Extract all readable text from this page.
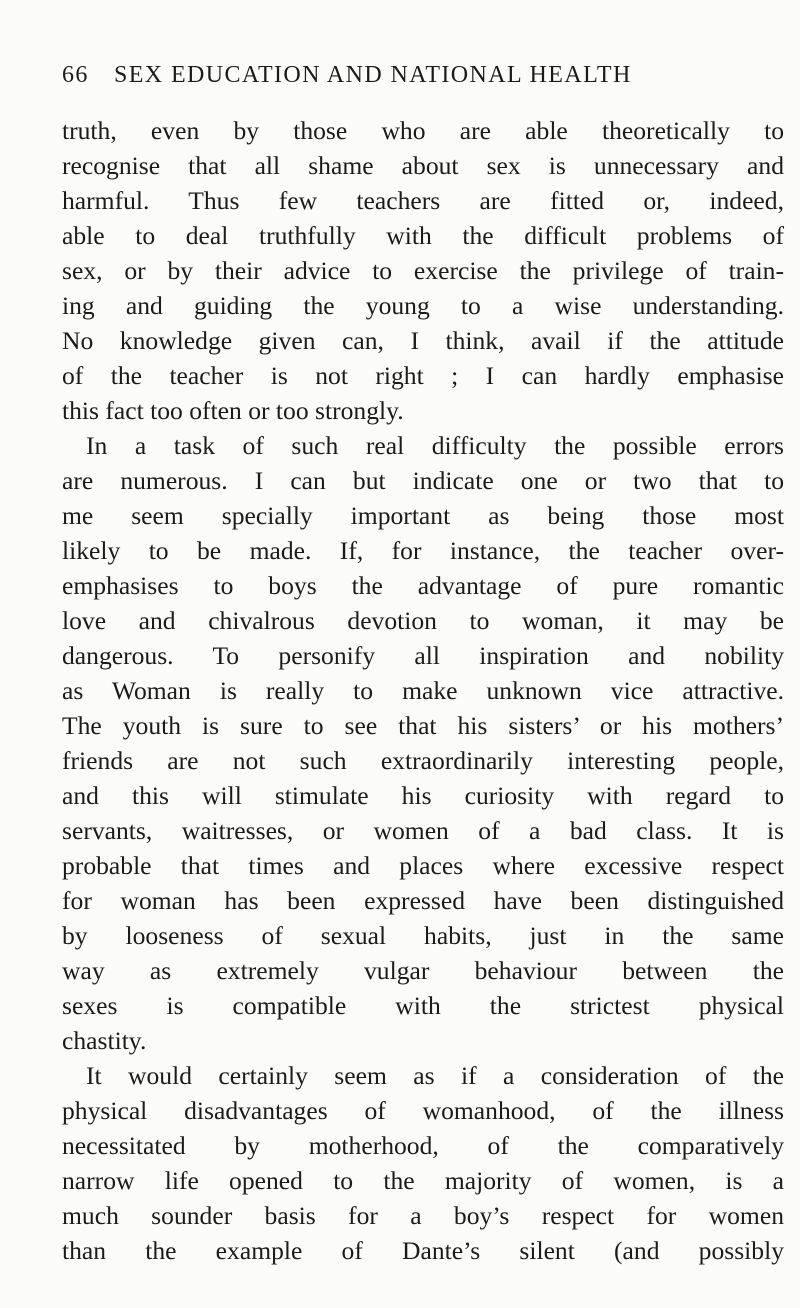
66 SEX EDUCATION AND NATIONAL HEALTH
truth, even by those who are able theoretically to
recognise that all shame about sex is unnecessary and
harmful. Thus few teachers are fitted or, indeed,
able to deal truthfully with the difficult problems of
sex, or by their advice to exercise the privilege of train-
ing and guiding the young to a wise understanding.
No knowledge given can, I think, avail if the attitude
of the teacher is not right ; I can hardly emphasise
this fact too often or too strongly.
In a task of such real difficulty the possible errors
are numerous. I can but indicate one or two that to
me seem specially important as being those most
likely to be made. If, for instance, the teacher over-
emphasises to boys the advantage of pure romantic
love and chivalrous devotion to woman, it may be
dangerous. To personify all inspiration and nobility
as Woman is really to make unknown vice attractive.
The youth is sure to see that his sisters’ or his mothers’
friends are not such extraordinarily interesting people,
and this will stimulate his curiosity with regard to
servants, waitresses, or women of a bad class. It is
probable that times and places where excessive respect
for woman has been expressed have been distinguished
by looseness of sexual habits, just in the same
way as extremely vulgar behaviour between the
sexes is compatible with the strictest physical
chastity.
It would certainly seem as if a consideration of the
physical disadvantages of womanhood, of the illness
necessitated by motherhood, of the comparatively
narrow life opened to the majority of women, is a
much sounder basis for a boy’s respect for women
than the example of Dante’s silent (and possibly
